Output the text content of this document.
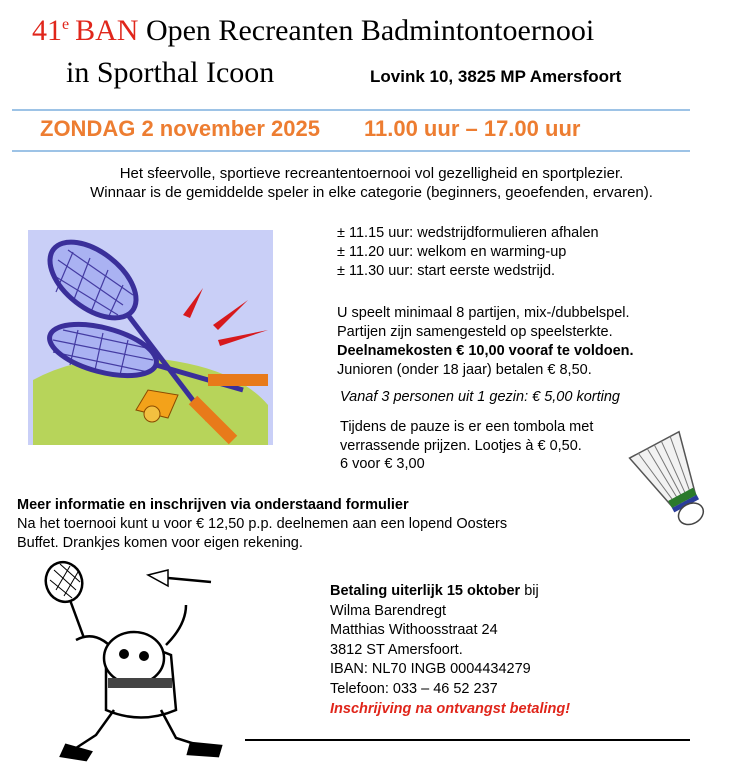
41e BAN Open Recreanten Badmintontoernooi
in Sporthal Icoon	Lovink 10, 3825 MP Amersfoort
ZONDAG 2 november 2025 11.00 uur – 17.00 uur
Het sfeervolle, sportieve recreantentoernooi vol gezelligheid en sportplezier.
Winnaar is de gemiddelde speler in elke categorie (beginners, geoefenden, ervaren).
± 11.15 uur: wedstrijdformulieren afhalen
± 11.20 uur: welkom en warming-up
± 11.30 uur: start eerste wedstrijd.
U speelt minimaal 8 partijen, mix-/dubbelspel.
Partijen zijn samengesteld op speelsterkte.
Deelnamekosten € 10,00 vooraf te voldoen.
Junioren (onder 18 jaar) betalen € 8,50.
Vanaf 3 personen uit 1 gezin: € 5,00 korting
Tijdens de pauze is er een tombola met
verrassende prijzen. Lootjes à € 0,50.
6 voor € 3,00
Meer informatie en inschrijven via onderstaand formulier
Na het toernooi kunt u voor € 12,50 p.p. deelnemen aan een lopend Oosters
Buffet. Drankjes komen voor eigen rekening.
Betaling uiterlijk 15 oktober bij
Wilma Barendregt
Matthias Withoosstraat 24
3812 ST Amersfoort.
IBAN: NL70 INGB 0004434279
Telefoon: 033 – 46 52 237
Inschrijving na ontvangst betaling!
